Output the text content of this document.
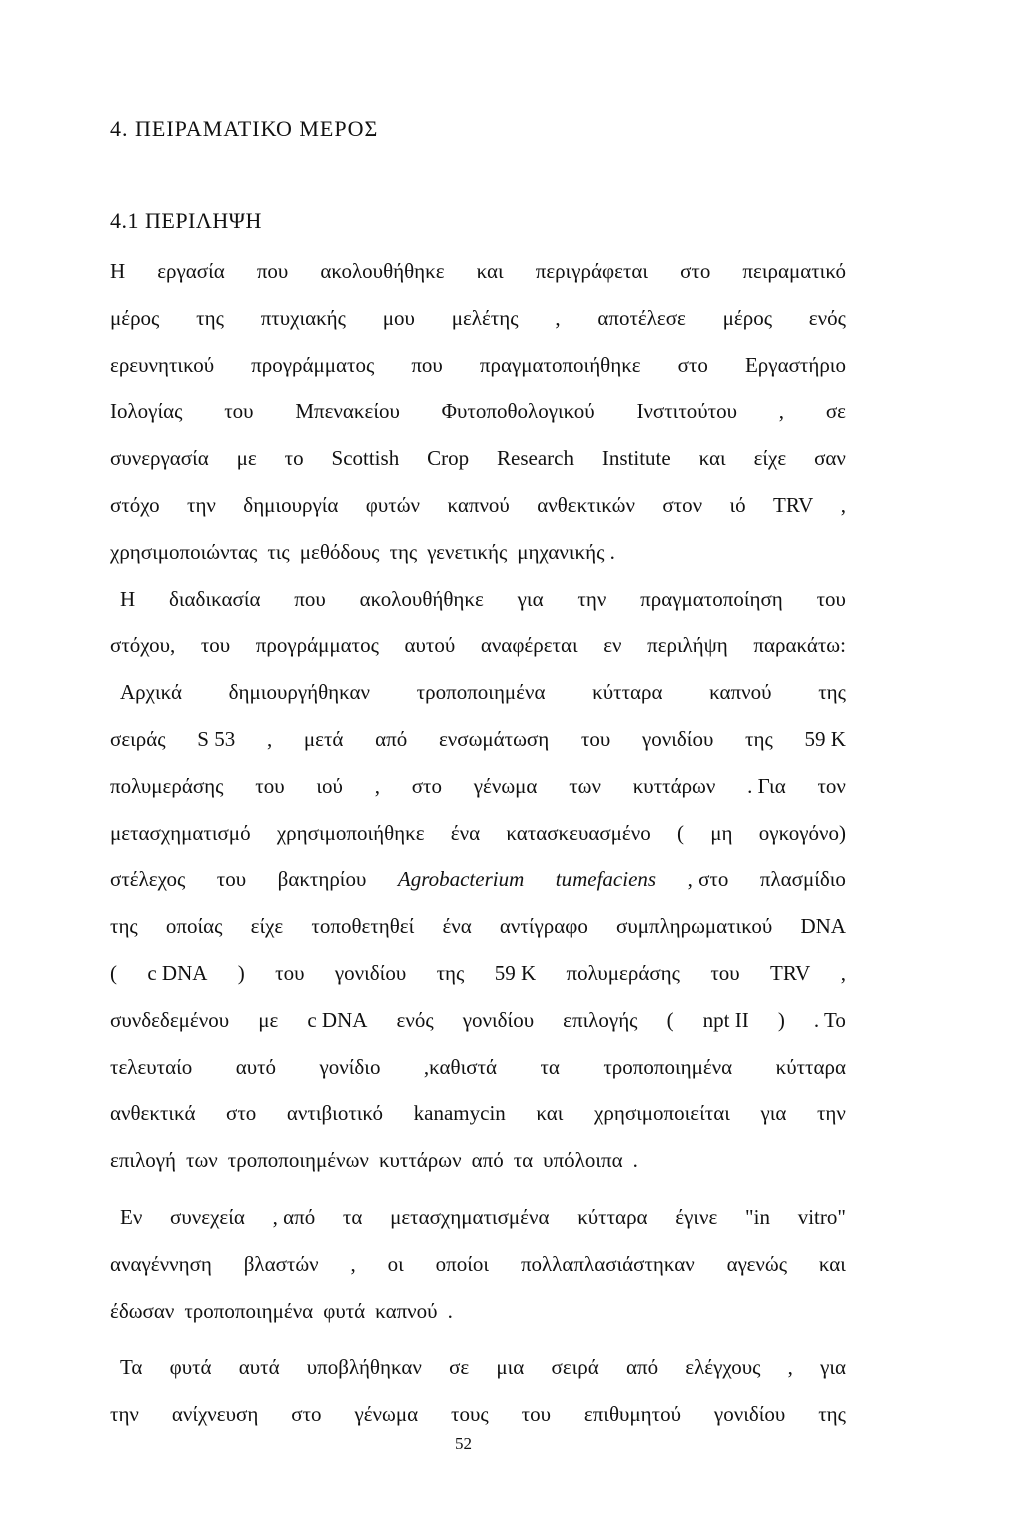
4. ΠΕΙΡΑΜΑΤΙΚΟ ΜΕΡΟΣ
4.1 ΠΕΡΙΛΗΨΗ
Η εργασία που ακολουθήθηκε και περιγράφεται στο πειραματικό
μέρος της πτυχιακής μου μελέτης , αποτέλεσε μέρος ενός
ερευνητικού προγράμματος που πραγματοποιήθηκε στο Εργαστήριο
Ιολογίας του Μπενακείου Φυτοποθολογικού Ινστιτούτου , σε
συνεργασία με το Scottish Crop Research Institute και είχε σαν
στόχο την δημιουργία φυτών καπνού ανθεκτικών στον ιό TRV ,
χρησιμοποιώντας τις μεθόδους της γενετικής μηχανικής .
Η διαδικασία που ακολουθήθηκε για την πραγματοποίηση του
στόχου, του προγράμματος αυτού αναφέρεται εν περιλήψη παρακάτω:
Αρχικά δημιουργήθηκαν τροποποιημένα κύτταρα καπνού της
σειράς S 53 , μετά από ενσωμάτωση του γονιδίου της 59 Κ
πολυμεράσης του ιού , στο γένωμα των κυττάρων . Για τον
μετασχηματισμό χρησιμοποιήθηκε ένα κατασκευασμένο ( μη ογκογόνο)
στέλεχος του βακτηρίου Agrobacterium tumefaciens , στο πλασμίδιο
της οποίας είχε τοποθετηθεί ένα αντίγραφο συμπληρωματικού DNA
( c DNA ) του γονιδίου της 59 Κ πολυμεράσης του TRV ,
συνδεδεμένου με c DNA ενός γονιδίου επιλογής ( npt II ) . Το
τελευταίο αυτό γονίδιο ,καθιστά τα τροποποιημένα κύτταρα
ανθεκτικά στο αντιβιοτικό kanamycin και χρησιμοποιείται για την
επιλογή των τροποποιημένων κυττάρων από τα υπόλοιπα .
Εν συνεχεία , από τα μετασχηματισμένα κύτταρα έγινε "in vitro"
αναγέννηση βλαστών , οι οποίοι πολλαπλασιάστηκαν αγενώς και
έδωσαν τροποποιημένα φυτά καπνού .
Τα φυτά αυτά υποβλήθηκαν σε μια σειρά από ελέγχους , για
την ανίχνευση στο γένωμα τους του επιθυμητού γονιδίου της
52
